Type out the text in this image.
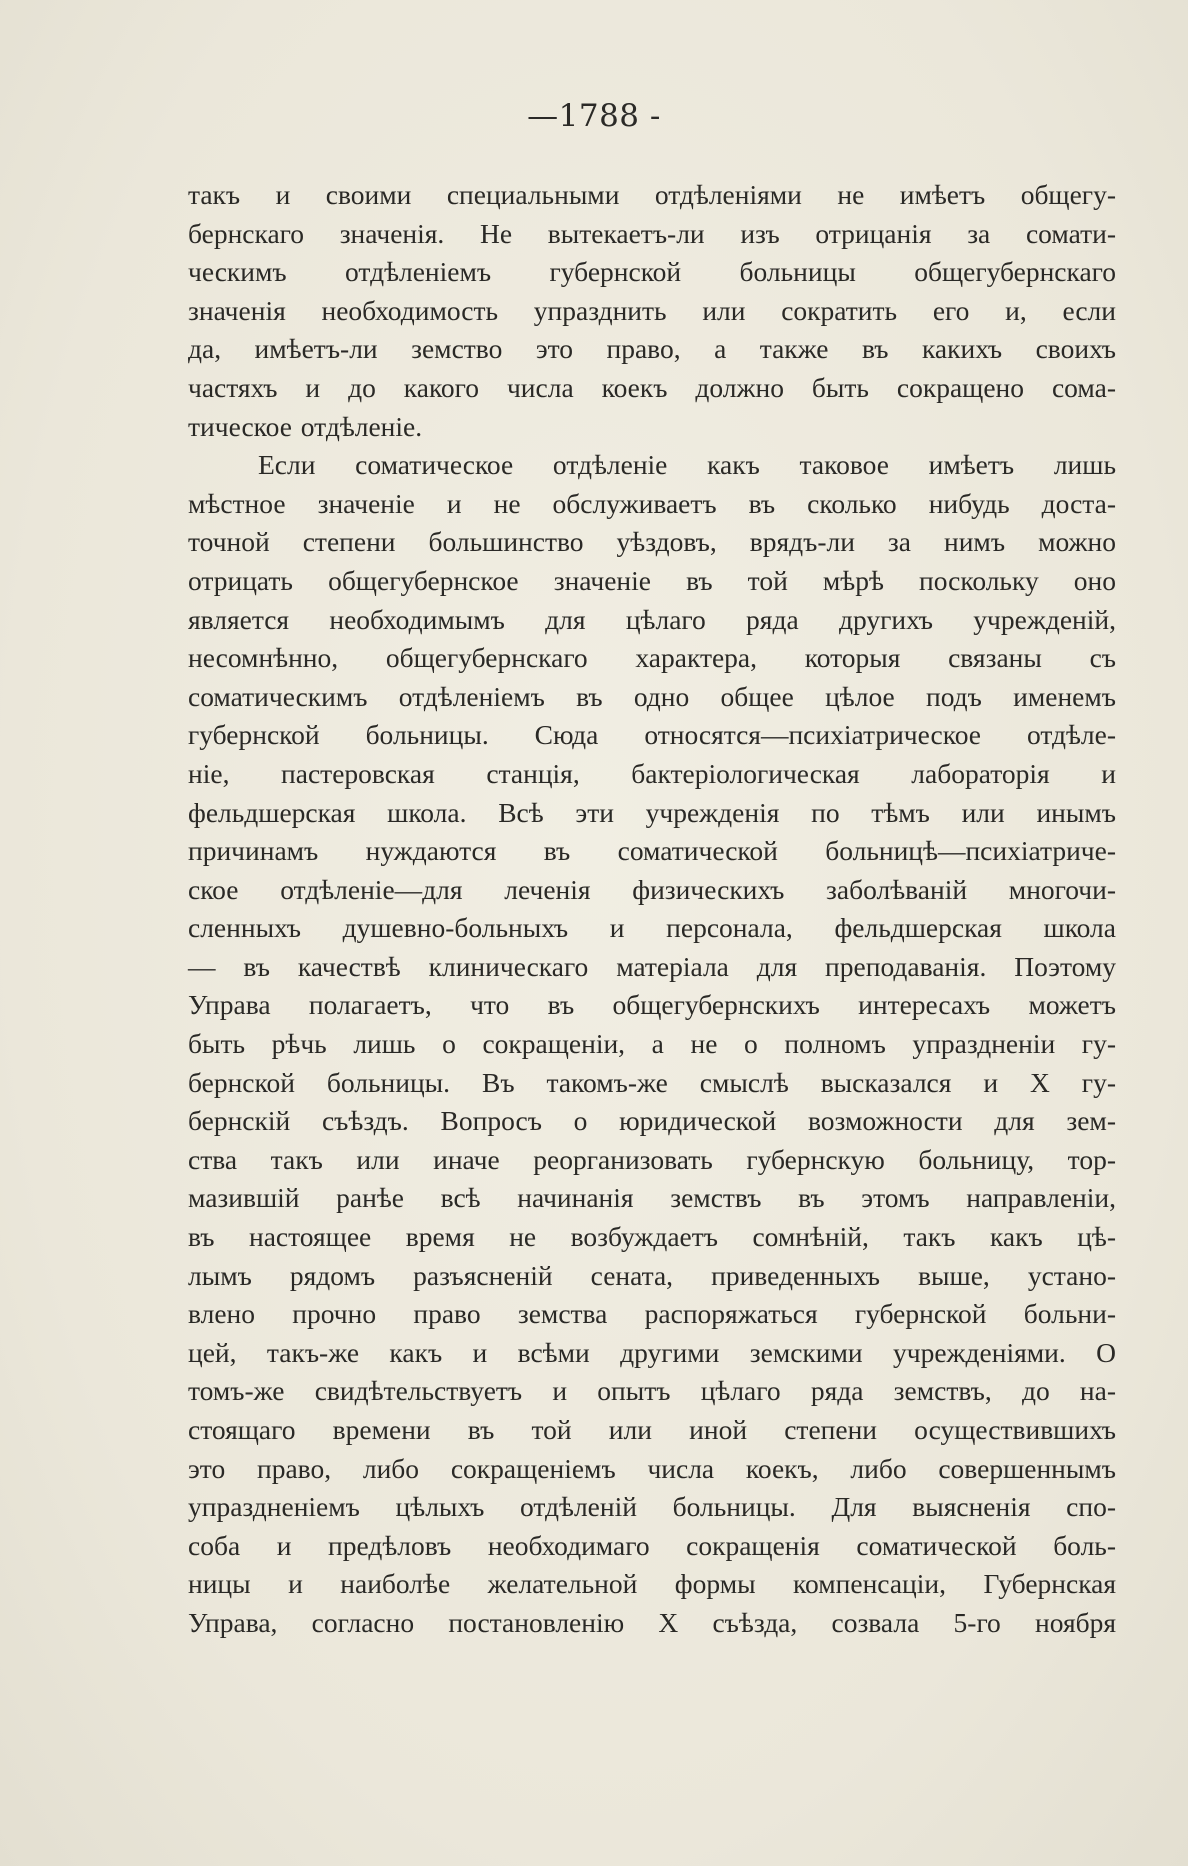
—1788 -
такъ и своими специальными отдѣленiями не имѣетъ общегу-
бернскаго значенiя. Не вытекаетъ-ли изъ отрицанiя за сомати-
ческимъ отдѣленiемъ губернской больницы общегубернскаго
значенiя необходимость упразднить или сократить его и, если
да, имѣетъ-ли земство это право, а также въ какихъ своихъ
частяхъ и до какого числа коекъ должно быть сокращено сома-
тическое отдѣленiе.
Если соматическое отдѣленiе какъ таковое имѣетъ лишь
мѣстное значенiе и не обслуживаетъ въ сколько нибудь доста-
точной степени большинство уѣздовъ, врядъ-ли за нимъ можно
отрицать общегубернское значенiе въ той мѣрѣ поскольку оно
является необходимымъ для цѣлаго ряда другихъ учрежденiй,
несомнѣнно, общегубернскаго характера, которыя связаны съ
соматическимъ отдѣленiемъ въ одно общее цѣлое подъ именемъ
губернской больницы. Сюда относятся—психiатрическое отдѣле-
нiе, пастеровская станцiя, бактерiологическая лабораторiя и
фельдшерская школа. Всѣ эти учрежденiя по тѣмъ или инымъ
причинамъ нуждаются въ соматической больницѣ—психiатриче-
ское отдѣленiе—для леченiя физическихъ заболѣванiй многочи-
сленныхъ душевно-больныхъ и персонала, фельдшерская школа
— въ качествѣ клиническаго матерiала для преподаванiя. Поэтому
Управа полагаетъ, что въ общегубернскихъ интересахъ можетъ
быть рѣчь лишь о сокращенiи, а не о полномъ упраздненiи гу-
бернской больницы. Въ такомъ-же смыслѣ высказался и X гу-
бернскiй съѣздъ. Вопросъ о юридической возможности для зем-
ства такъ или иначе реорганизовать губернскую больницу, тор-
мазившiй ранѣе всѣ начинанiя земствъ въ этомъ направленiи,
въ настоящее время не возбуждаетъ сомнѣнiй, такъ какъ цѣ-
лымъ рядомъ разъясненiй сената, приведенныхъ выше, устано-
влено прочно право земства распоряжаться губернской больни-
цей, такъ-же какъ и всѣми другими земскими учрежденiями. О
томъ-же свидѣтельствуетъ и опытъ цѣлаго ряда земствъ, до на-
стоящаго времени въ той или иной степени осуществившихъ
это право, либо сокращенiемъ числа коекъ, либо совершеннымъ
упраздненiемъ цѣлыхъ отдѣленiй больницы. Для выясненiя спо-
соба и предѣловъ необходимаго сокращенiя соматической боль-
ницы и наиболѣе желательной формы компенсацiи, Губернская
Управа, согласно постановленiю X съѣзда, созвала 5-го ноября
